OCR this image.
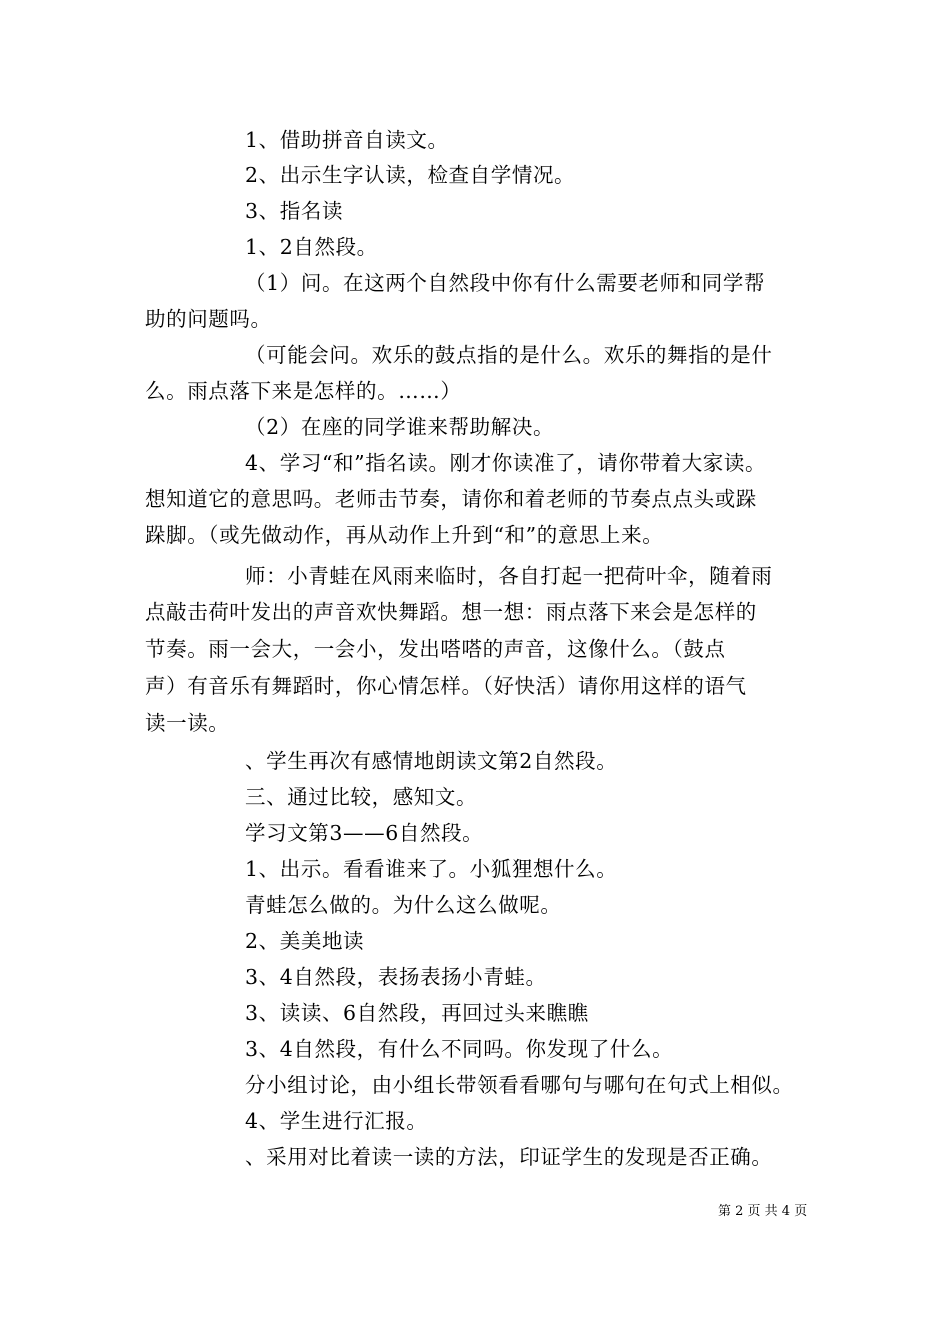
1、借助拼音自读文。
2、出示生字认读，检查自学情况。
3、指名读
1、2自然段。
（1）问。在这两个自然段中你有什么需要老师和同学帮
助的问题吗。
（可能会问。欢乐的鼓点指的是什么。欢乐的舞指的是什
么。雨点落下来是怎样的。……）
（2）在座的同学谁来帮助解决。
4、学习“和”指名读。刚才你读准了，请你带着大家读。
想知道它的意思吗。老师击节奏，请你和着老师的节奏点点头或跺
跺脚。（或先做动作，再从动作上升到“和”的意思上来。
师：小青蛙在风雨来临时，各自打起一把荷叶伞，随着雨
点敲击荷叶发出的声音欢快舞蹈。想一想：雨点落下来会是怎样的
节奏。雨一会大，一会小，发出嗒嗒的声音，这像什么。（鼓点
声）有音乐有舞蹈时，你心情怎样。（好快活）请你用这样的语气
读一读。
、学生再次有感情地朗读文第2自然段。
三、通过比较，感知文。
学习文第3——6自然段。
1、出示。看看谁来了。小狐狸想什么。
青蛙怎么做的。为什么这么做呢。
2、美美地读
3、4自然段，表扬表扬小青蛙。
3、读读、6自然段，再回过头来瞧瞧
3、4自然段，有什么不同吗。你发现了什么。
分小组讨论，由小组长带领看看哪句与哪句在句式上相似。
4、学生进行汇报。
、采用对比着读一读的方法，印证学生的发现是否正确。
第 2 页 共 4 页
